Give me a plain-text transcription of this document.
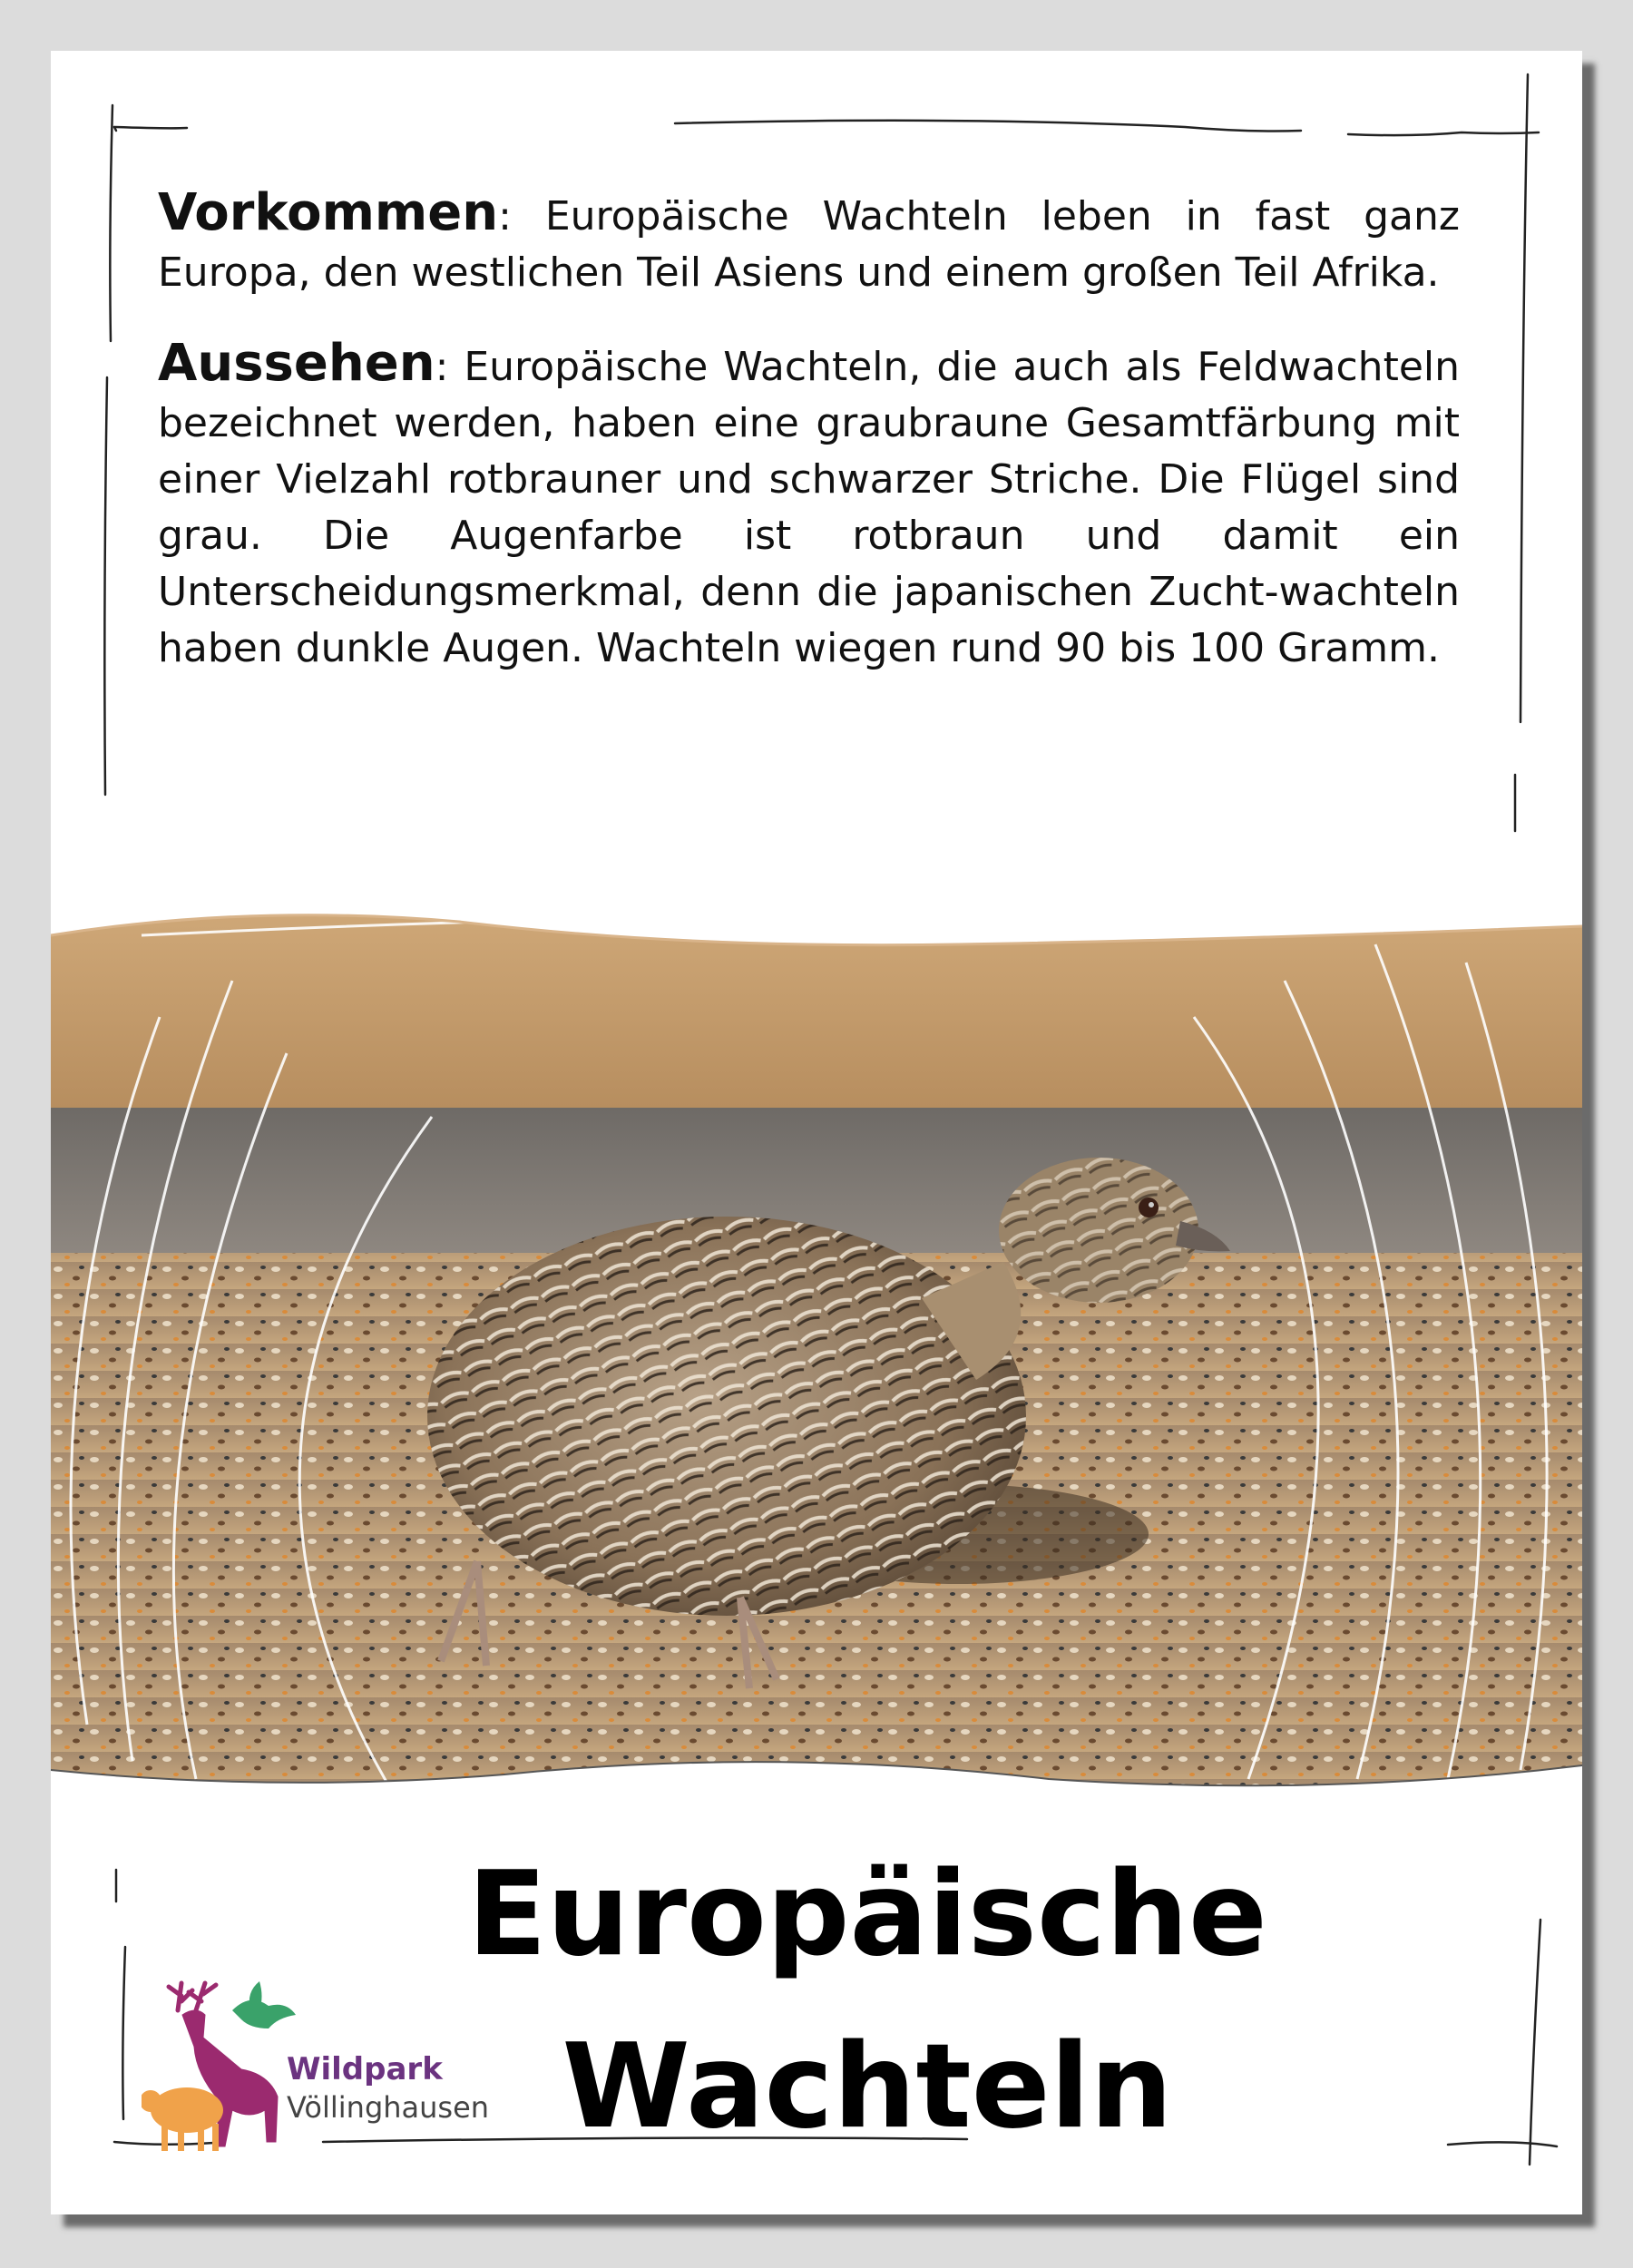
Vorkommen: Europäische Wachteln leben in fast ganz Europa, den westlichen Teil Asiens und einem großen Teil Afrika.

Aussehen: Europäische Wachteln, die auch als Feldwachteln bezeichnet werden, haben eine graubraune Gesamtfärbung mit einer Vielzahl rotbrauner und schwarzer Striche. Die Flügel sind grau. Die Augenfarbe ist rotbraun und damit ein Unterscheidungsmerkmal, denn die japanischen Zucht-wachteln haben dunkle Augen. Wachteln wiegen rund 90 bis 100 Gramm.

Europäische
Wachteln
Wildpark
Völlinghausen
